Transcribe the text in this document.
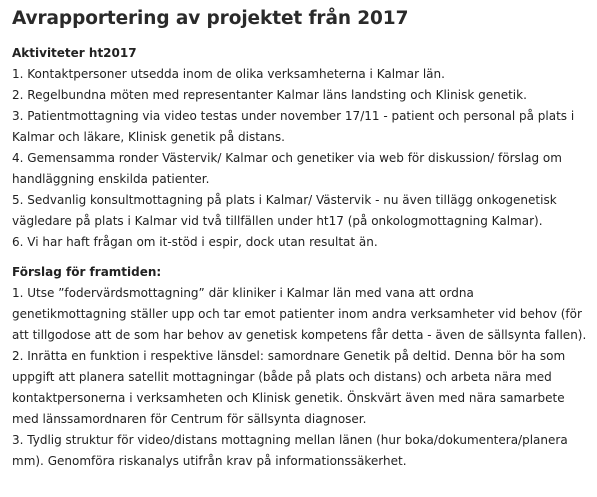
Avrapportering av projektet från 2017
Aktiviteter ht2017
1. Kontaktpersoner utsedda inom de olika verksamheterna i Kalmar län.
2. Regelbundna möten med representanter Kalmar läns landsting och Klinisk genetik.
3. Patientmottagning via video testas under november 17/11 - patient och personal på plats i Kalmar och läkare, Klinisk genetik på distans.
4. Gemensamma ronder Västervik/ Kalmar och genetiker via web för diskussion/ förslag om handläggning enskilda patienter.
5. Sedvanlig konsultmottagning på plats i Kalmar/ Västervik - nu även tillägg onkogenetisk vägledare på plats i Kalmar vid två tillfällen under ht17 (på onkologmottagning Kalmar).
6. Vi har haft frågan om it-stöd i espir, dock utan resultat än.
Förslag för framtiden:
1. Utse ”fodervärdsmottagning” där kliniker i Kalmar län med vana att ordna genetikmottagning ställer upp och tar emot patienter inom andra verksamheter vid behov (för att tillgodose att de som har behov av genetisk kompetens får detta - även de sällsynta fallen).
2. Inrätta en funktion i respektive länsdel: samordnare Genetik på deltid. Denna bör ha som uppgift att planera satellit mottagningar (både på plats och distans) och arbeta nära med kontaktpersonerna i verksamheten och Klinisk genetik. Önskvärt även med nära samarbete med länssamordnaren för Centrum för sällsynta diagnoser.
3. Tydlig struktur för video/distans mottagning mellan länen (hur boka/dokumentera/planera mm). Genomföra riskanalys utifrån krav på informationssäkerhet.
